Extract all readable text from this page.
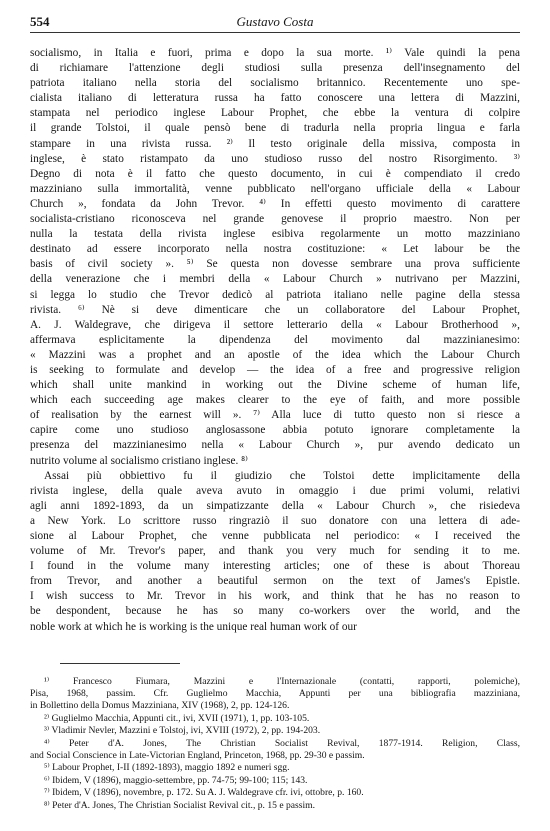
554	Gustavo Costa
socialismo, in Italia e fuori, prima e dopo la sua morte. ¹⁾ Vale quindi la pena
di richiamare l'attenzione degli studiosi sulla presenza dell'insegnamento del
patriota italiano nella storia del socialismo britannico. Recentemente uno spe-
cialista italiano di letteratura russa ha fatto conoscere una lettera di Mazzini,
stampata nel periodico inglese Labour Prophet, che ebbe la ventura di colpire
il grande Tolstoi, il quale pensò bene di tradurla nella propria lingua e farla
stampare in una rivista russa. ²⁾ Il testo originale della missiva, composta in
inglese, è stato ristampato da uno studioso russo del nostro Risorgimento. ³⁾
Degno di nota è il fatto che questo documento, in cui è compendiato il credo
mazziniano sulla immortalità, venne pubblicato nell'organo ufficiale della « Labour
Church », fondata da John Trevor. ⁴⁾ In effetti questo movimento di carattere
socialista-cristiano riconosceva nel grande genovese il proprio maestro. Non per
nulla la testata della rivista inglese esibiva regolarmente un motto mazziniano
destinato ad essere incorporato nella nostra costituzione: « Let labour be the
basis of civil society ». ⁵⁾ Se questa non dovesse sembrare una prova sufficiente
della venerazione che i membri della « Labour Church » nutrivano per Mazzini,
si legga lo studio che Trevor dedicò al patriota italiano nelle pagine della stessa
rivista. ⁶⁾ Nè si deve dimenticare che un collaboratore del Labour Prophet,
A. J. Waldegrave, che dirigeva il settore letterario della « Labour Brotherhood »,
affermava esplicitamente la dipendenza del movimento dal mazzinianesimo:
« Mazzini was a prophet and an apostle of the idea which the Labour Church
is seeking to formulate and develop — the idea of a free and progressive religion
which shall unite mankind in working out the Divine scheme of human life,
which each succeeding age makes clearer to the eye of faith, and more possible
of realisation by the earnest will ». ⁷⁾ Alla luce di tutto questo non si riesce a
capire come uno studioso anglosassone abbia potuto ignorare completamente la
presenza del mazzinianesimo nella « Labour Church », pur avendo dedicato un
nutrito volume al socialismo cristiano inglese. ⁸⁾
Assai più obbiettivo fu il giudizio che Tolstoi dette implicitamente della
rivista inglese, della quale aveva avuto in omaggio i due primi volumi, relativi
agli anni 1892-1893, da un simpatizzante della « Labour Church », che risiedeva
a New York. Lo scrittore russo ringraziò il suo donatore con una lettera di ade-
sione al Labour Prophet, che venne pubblicata nel periodico: « I received the
volume of Mr. Trevor's paper, and thank you very much for sending it to me.
I found in the volume many interesting articles; one of these is about Thoreau
from Trevor, and another a beautiful sermon on the text of James's Epistle.
I wish success to Mr. Trevor in his work, and think that he has no reason to
be despondent, because he has so many co-workers over the world, and the
noble work at which he is working is the unique real human work of our
¹⁾ Francesco Fiumara, Mazzini e l'Internazionale (contatti, rapporti, polemiche),
Pisa, 1968, passim. Cfr. Guglielmo Macchia, Appunti per una bibliografia mazziniana,
in Bollettino della Domus Mazziniana, XIV (1968), 2, pp. 124-126.
²⁾ Guglielmo Macchia, Appunti cit., ivi, XVII (1971), 1, pp. 103-105.
³⁾ Vladimir Nevler, Mazzini e Tolstoj, ivi, XVIII (1972), 2, pp. 194-203.
⁴⁾ Peter d'A. Jones, The Christian Socialist Revival, 1877-1914. Religion, Class,
and Social Conscience in Late-Victorian England, Princeton, 1968, pp. 29-30 e passim.
⁵⁾ Labour Prophet, I-II (1892-1893), maggio 1892 e numeri sgg.
⁶⁾ Ibidem, V (1896), maggio-settembre, pp. 74-75; 99-100; 115; 143.
⁷⁾ Ibidem, V (1896), novembre, p. 172. Su A. J. Waldegrave cfr. ivi, ottobre, p. 160.
⁸⁾ Peter d'A. Jones, The Christian Socialist Revival cit., p. 15 e passim.
